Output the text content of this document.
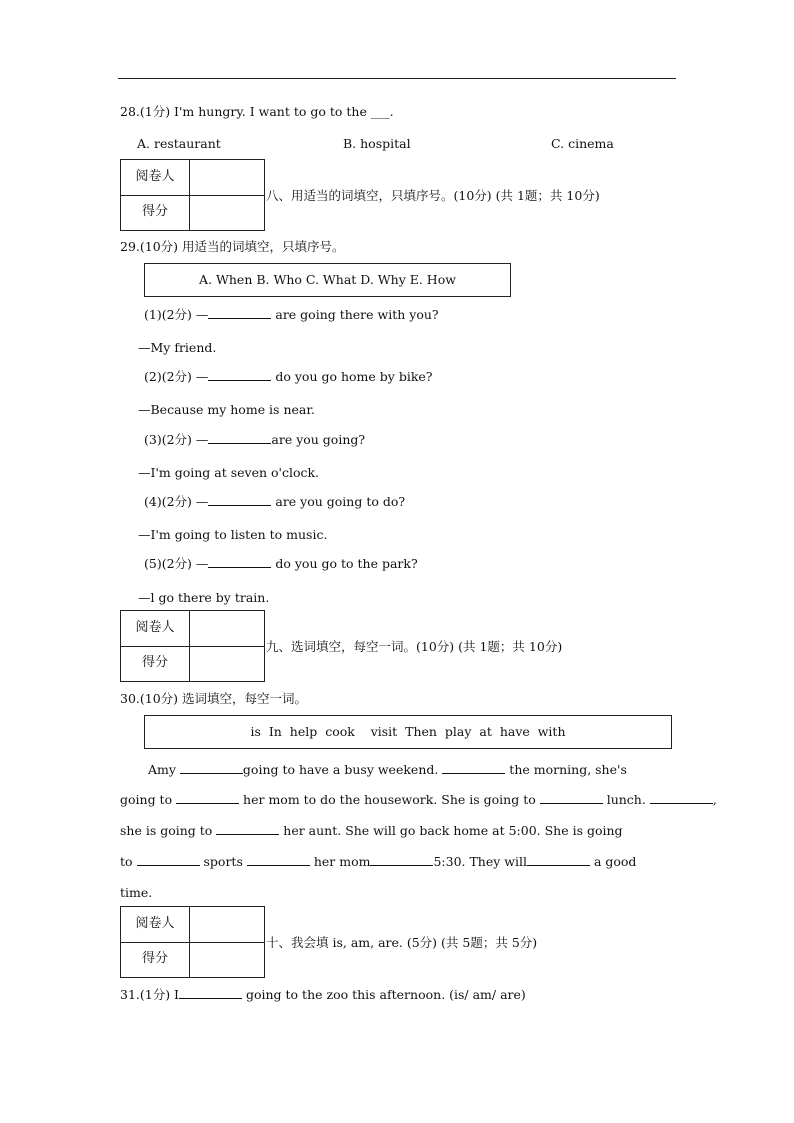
28.(1分) I'm hungry. I want to go to the ___.
A. restaurant	B. hospital	C. cinema
阅卷人
得分
八、用适当的词填空，只填序号。(10分) (共 1题；共 10分)
29.(10分) 用适当的词填空，只填序号。
A. When B. Who C. What D. Why E. How
(1)(2分) —	are going there with you?
—My friend.
(2)(2分) —	do you go home by bike?
—Because my home is near.
(3)(2分) —	are you going?
—I'm going at seven o'clock.
(4)(2分) —	are you going to do?
—I'm going to listen to music.
(5)(2分) —	do you go to the park?
—l go there by train.
阅卷人
得分
九、选词填空，每空一词。(10分) (共 1题；共 10分)
30.(10分) 选词填空，每空一词。
is  In  help  cook    visit  Then  play  at  have  with
Amy	going to have a busy weekend.	the morning, she's
going to	her mom to do the housework. She is going to	lunch.	,
she is going to	her aunt. She will go back home at 5:00. She is going
to	sports	her mom	5:30. They will	a good
time.
阅卷人
得分
十、我会填 is, am, are. (5分) (共 5题；共 5分)
31.(1分) I	going to the zoo this afternoon. (is/ am/ are)
